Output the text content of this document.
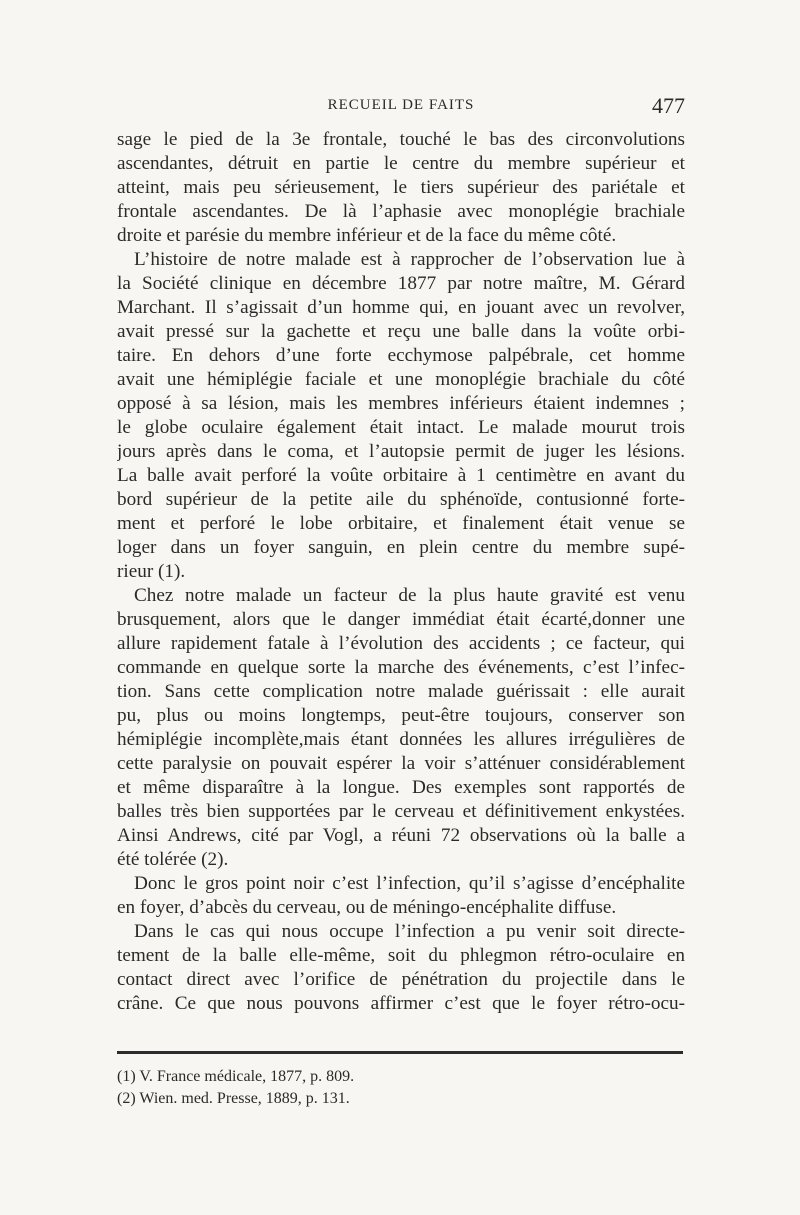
RECUEIL DE FAITS	477
sage le pied de la 3e frontale, touché le bas des circonvolutions
ascendantes, détruit en partie le centre du membre supérieur et
atteint, mais peu sérieusement, le tiers supérieur des pariétale et
frontale ascendantes. De là l’aphasie avec monoplégie brachiale
droite et parésie du membre inférieur et de la face du même côté.
L’histoire de notre malade est à rapprocher de l’observation lue à
la Société clinique en décembre 1877 par notre maître, M. Gérard
Marchant. Il s’agissait d’un homme qui, en jouant avec un revolver,
avait pressé sur la gachette et reçu une balle dans la voûte orbi-
taire. En dehors d’une forte ecchymose palpébrale, cet homme
avait une hémiplégie faciale et une monoplégie brachiale du côté
opposé à sa lésion, mais les membres inférieurs étaient indemnes ;
le globe oculaire également était intact. Le malade mourut trois
jours après dans le coma, et l’autopsie permit de juger les lésions.
La balle avait perforé la voûte orbitaire à 1 centimètre en avant du
bord supérieur de la petite aile du sphénoïde, contusionné forte-
ment et perforé le lobe orbitaire, et finalement était venue se
loger dans un foyer sanguin, en plein centre du membre supé-
rieur (1).
Chez notre malade un facteur de la plus haute gravité est venu
brusquement, alors que le danger immédiat était écarté,donner une
allure rapidement fatale à l’évolution des accidents ; ce facteur, qui
commande en quelque sorte la marche des événements, c’est l’infec-
tion. Sans cette complication notre malade guérissait : elle aurait
pu, plus ou moins longtemps, peut-être toujours, conserver son
hémiplégie incomplète,mais étant données les allures irrégulières de
cette paralysie on pouvait espérer la voir s’atténuer considérablement
et même disparaître à la longue. Des exemples sont rapportés de
balles très bien supportées par le cerveau et définitivement enkystées.
Ainsi Andrews, cité par Vogl, a réuni 72 observations où la balle a
été tolérée (2).
Donc le gros point noir c’est l’infection, qu’il s’agisse d’encéphalite
en foyer, d’abcès du cerveau, ou de méningo-encéphalite diffuse.
Dans le cas qui nous occupe l’infection a pu venir soit directe-
tement de la balle elle-même, soit du phlegmon rétro-oculaire en
contact direct avec l’orifice de pénétration du projectile dans le
crâne. Ce que nous pouvons affirmer c’est que le foyer rétro-ocu-
(1) V. France médicale, 1877, p. 809.
(2) Wien. med. Presse, 1889, p. 131.
